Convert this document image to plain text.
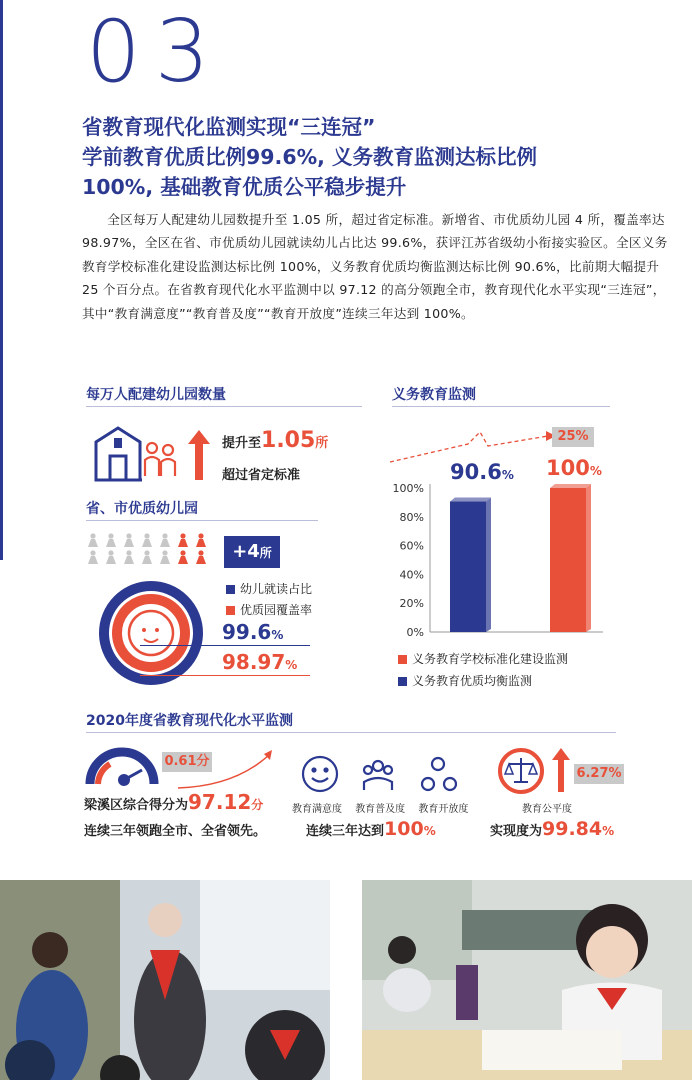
03
省教育现代化监测实现“三连冠”
学前教育优质比例99.6%, 义务教育监测达标比例
100%, 基础教育优质公平稳步提升
全区每万人配建幼儿园数提升至 1.05 所，超过省定标准。新增省、市优质幼儿园 4 所，覆盖率达 98.97%，全区在省、市优质幼儿园就读幼儿占比达 99.6%，获评江苏省级幼小衔接实验区。全区义务教育学校标准化建设监测达标比例 100%，义务教育优质均衡监测达标比例 90.6%，比前期大幅提升 25 个百分点。在省教育现代化水平监测中以 97.12 的高分领跑全市，教育现代化水平实现“三连冠”，其中“教育满意度”“教育普及度”“教育开放度”连续三年达到 100%。
每万人配建幼儿园数量
提升至1.05所
超过省定标准
省、市优质幼儿园
+4所
幼儿就读占比
优质园覆盖率
99.6%
98.97%
义务教育监测
100%
80%
60%
40%
20%
0%
25%
90.6% 100%
义务教育学校标准化建设监测
义务教育优质均衡监测
2020年度省教育现代化水平监测
0.61分
梁溪区综合得分为97.12分
连续三年领跑全市、全省领先。
教育满意度 教育普及度 教育开放度
连续三年达到100%
6.27%
教育公平度
实现度为99.84%
